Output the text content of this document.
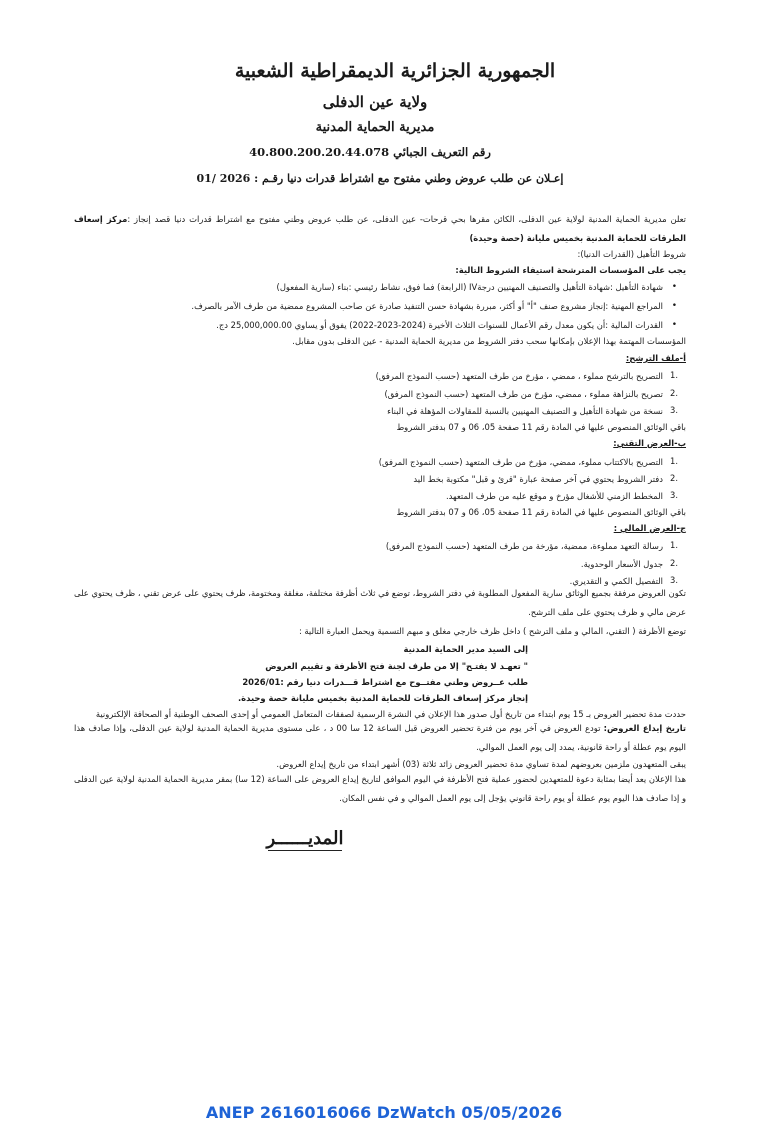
الجمهورية الجزائرية الديمقراطية الشعبية
ولاية عين الدفلى
مديرية الحماية المدنية
رقم التعريف الجبائي 40.800.200.20.44.078
إعـلان عن طلب عروض وطني مفتوح مع اشتراط قدرات دنيا رقـم : 2026 /01
تعلن مديرية الحماية المدنية لولاية عين الدفلى، الكائن مقرها بحي قرحات- عين الدفلى، عن طلب عروض وطني مفتوح مع اشتراط قدرات دنيا قصد إنجاز :مركز إسعاف الطرقات للحماية المدنية بخميس مليانة (حصة وحيدة)
شروط التأهيل (القدرات الدنيا):
يجب على المؤسسات المترشحة استيفاء الشروط التالية:
• شهادة التأهيل :شهادة التأهيل والتصنيف المهنيين درجةIV (الرابعة) فما فوق، نشاط رئيسي :بناء (سارية المفعول)
• المراجع المهنية :إنجاز مشروع صنف "أ" أو أكثر، مبررة بشهادة حسن التنفيذ صادرة عن صاحب المشروع ممضية من طرف الآمر بالصرف.
• القدرات المالية :أن يكون معدل رقم الأعمال للسنوات الثلاث الأخيرة (2024-2023-2022) يفوق أو يساوي 25,000,000.00 دج.
المؤسسات المهتمة بهذا الإعلان بإمكانها سحب دفتر الشروط من مديرية الحماية المدنية - عين الدفلى بدون مقابل.
أ-ملف الترشح:
.1
التصريح بالترشح مملوء ، ممضي ، مؤرخ من طرف المتعهد (حسب النموذج المرفق)
.2
تصريح بالنزاهة مملوء ، ممضي، مؤرخ من طرف المتعهد (حسب النموذج المرفق)
.3
نسخة من شهادة التأهيل و التصنيف المهنيين بالنسبة للمقاولات المؤهلة في البناء
باقي الوثائق المنصوص عليها في المادة رقم 11 صفحة 05، 06 و 07 بدفتر الشروط
ب-العرض التقني:
.1
التصريح بالاكتتاب مملوء، ممضي، مؤرخ من طرف المتعهد (حسب النموذج المرفق)
.2
دفتر الشروط يحتوي في آخر صفحة عبارة "قرئ و قبل" مكتوبة بخط اليد
.3
المخطط الزمني للأشغال مؤرخ و موقع عليه من طرف المتعهد.
باقي الوثائق المنصوص عليها في المادة رقم 11 صفحة 05، 06 و 07 بدفتر الشروط
ج-العرض المالي :
.1
رسالة التعهد مملوءة، ممضية، مؤرخة من طرف المتعهد (حسب النموذج المرفق)
.2
جدول الأسعار الوحدوية.
.3
التفصيل الكمي و التقديري.
تكون العروض مرفقة بجميع الوثائق سارية المفعول المطلوبة في دفتر الشروط، توضع في ثلاث أظرفة مختلفة، مغلقة ومختومة، ظرف يحتوي على عرض تقني ، ظرف يحتوي على عرض مالي و ظرف يحتوي على ملف الترشح.
توضع الأظرفة ( التقني، المالي و ملف الترشح ) داخل ظرف خارجي مغلق و مبهم التسمية ويحمل العبارة التالية :
إلى السيد مدير الحماية المدنية
" تعهـد لا يفتـح" إلا من طرف لجنة فتح الأظرفة و تقييم العروض
طلب عــروض وطني مفتــوح مع اشتراط قـــدرات دنيا رقم :2026/01
إنجاز مركز إسعاف الطرقات للحماية المدنية بخميس مليانة حصة وحيدة.
حددت مدة تحضير العروض بـ 15 يوم ابتداء من تاريخ أول صدور هذا الإعلان في النشرة الرسمية لصفقات المتعامل العمومي أو إحدى الصحف الوطنية أو الصحافة الإلكترونية
تاريخ إيداع العروض: تودع العروض في آخر يوم من فترة تحضير العروض قبل الساعة 12 سا 00 د ، على مستوى مديرية الحماية المدنية لولاية عين الدفلى، وإذا صادف هذا اليوم يوم عطلة أو راحة قانونية، يمدد إلى يوم العمل الموالي.
يبقى المتعهدون ملزمين بعروضهم لمدة تساوي مدة تحضير العروض زائد ثلاثة (03) أشهر ابتداء من تاريخ إيداع العروض.
هذا الإعلان يعد أيضا بمثابة دعوة للمتعهدين لحضور عملية فتح الأظرفة في اليوم الموافق لتاريخ إيداع العروض على الساعة (12 سا) بمقر مديرية الحماية المدنية لولاية عين الدفلى و إذا صادف هذا اليوم يوم عطلة أو يوم راحة قانوني يؤجل إلى يوم العمل الموالي و في نفس المكان.
المديــــــر
ANEP 2616016066 DzWatch 05/05/2026
